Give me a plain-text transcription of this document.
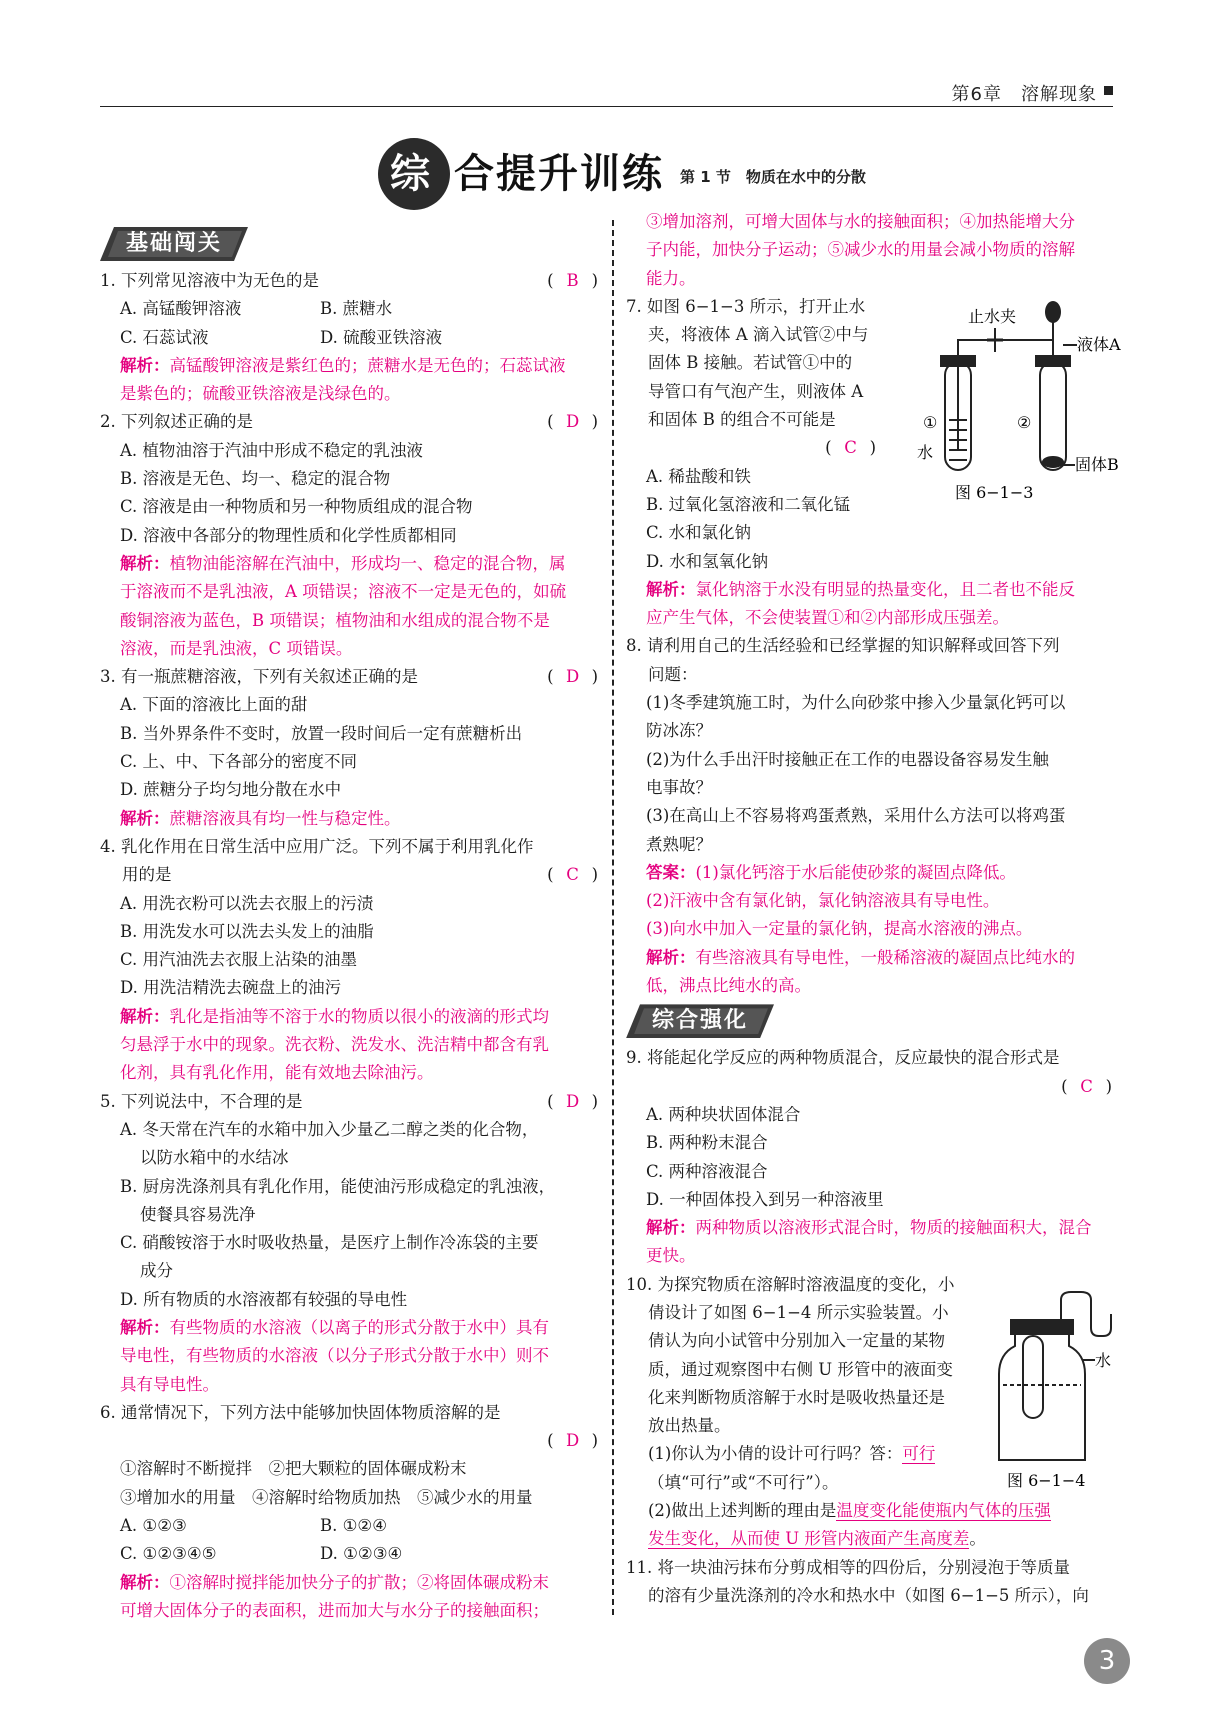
第6章　溶解现象
综 合提升训练 第 1 节　物质在水中的分散
基础闯关
1. 下列常见溶液中为无色的是	( B )
A. 高锰酸钾溶液	B. 蔗糖水
C. 石蕊试液	D. 硫酸亚铁溶液
解析：高锰酸钾溶液是紫红色的；蔗糖水是无色的；石蕊试液
是紫色的；硫酸亚铁溶液是浅绿色的。
2. 下列叙述正确的是	( D )
A. 植物油溶于汽油中形成不稳定的乳浊液
B. 溶液是无色、均一、稳定的混合物
C. 溶液是由一种物质和另一种物质组成的混合物
D. 溶液中各部分的物理性质和化学性质都相同
解析：植物油能溶解在汽油中，形成均一、稳定的混合物，属
于溶液而不是乳浊液，A 项错误；溶液不一定是无色的，如硫
酸铜溶液为蓝色，B 项错误；植物油和水组成的混合物不是
溶液，而是乳浊液，C 项错误。
3. 有一瓶蔗糖溶液，下列有关叙述正确的是	( D )
A. 下面的溶液比上面的甜
B. 当外界条件不变时，放置一段时间后一定有蔗糖析出
C. 上、中、下各部分的密度不同
D. 蔗糖分子均匀地分散在水中
解析：蔗糖溶液具有均一性与稳定性。
4. 乳化作用在日常生活中应用广泛。下列不属于利用乳化作
用的是	( C )
A. 用洗衣粉可以洗去衣服上的污渍
B. 用洗发水可以洗去头发上的油脂
C. 用汽油洗去衣服上沾染的油墨
D. 用洗洁精洗去碗盘上的油污
解析：乳化是指油等不溶于水的物质以很小的液滴的形式均
匀悬浮于水中的现象。洗衣粉、洗发水、洗洁精中都含有乳
化剂，具有乳化作用，能有效地去除油污。
5. 下列说法中，不合理的是	( D )
A. 冬天常在汽车的水箱中加入少量乙二醇之类的化合物，
以防水箱中的水结冰
B. 厨房洗涤剂具有乳化作用，能使油污形成稳定的乳浊液，
使餐具容易洗净
C. 硝酸铵溶于水时吸收热量，是医疗上制作冷冻袋的主要
成分
D. 所有物质的水溶液都有较强的导电性
解析：有些物质的水溶液（以离子的形式分散于水中）具有
导电性，有些物质的水溶液（以分子形式分散于水中）则不
具有导电性。
6. 通常情况下，下列方法中能够加快固体物质溶解的是
( D )
①溶解时不断搅拌　②把大颗粒的固体碾成粉末
③增加水的用量　④溶解时给物质加热　⑤减少水的用量
A. ①②③	B. ①②④
C. ①②③④⑤	D. ①②③④
解析：①溶解时搅拌能加快分子的扩散；②将固体碾成粉末
可增大固体分子的表面积，进而加大与水分子的接触面积；
③增加溶剂，可增大固体与水的接触面积；④加热能增大分
子内能，加快分子运动；⑤减少水的用量会减小物质的溶解
能力。
7. 如图 6−1−3 所示，打开止水
夹，将液体 A 滴入试管②中与
固体 B 接触。若试管①中的
导管口有气泡产生，则液体 A
和固体 B 的组合不可能是
( C )
A. 稀盐酸和铁
B. 过氧化氢溶液和二氧化锰
C. 水和氯化钠
D. 水和氢氧化钠
解析：氯化钠溶于水没有明显的热量变化，且二者也不能反
应产生气体，不会使装置①和②内部形成压强差。
8. 请利用自己的生活经验和已经掌握的知识解释或回答下列
问题：
(1)冬季建筑施工时，为什么向砂浆中掺入少量氯化钙可以
防冰冻？
(2)为什么手出汗时接触正在工作的电器设备容易发生触
电事故？
(3)在高山上不容易将鸡蛋煮熟，采用什么方法可以将鸡蛋
煮熟呢？
答案：(1)氯化钙溶于水后能使砂浆的凝固点降低。
(2)汗液中含有氯化钠，氯化钠溶液具有导电性。
(3)向水中加入一定量的氯化钠，提高水溶液的沸点。
解析：有些溶液具有导电性，一般稀溶液的凝固点比纯水的
低，沸点比纯水的高。
综合强化
9. 将能起化学反应的两种物质混合，反应最快的混合形式是
( C )
A. 两种块状固体混合
B. 两种粉末混合
C. 两种溶液混合
D. 一种固体投入到另一种溶液里
解析：两种物质以溶液形式混合时，物质的接触面积大，混合
更快。
10. 为探究物质在溶解时溶液温度的变化，小
倩设计了如图 6−1−4 所示实验装置。小
倩认为向小试管中分别加入一定量的某物
质，通过观察图中右侧 U 形管中的液面变
化来判断物质溶解于水时是吸收热量还是
放出热量。
(1)你认为小倩的设计可行吗？答：可行
（填“可行”或“不可行”）。
(2)做出上述判断的理由是温度变化能使瓶内气体的压强
发生变化，从而使 U 形管内液面产生高度差。
11. 将一块油污抹布分剪成相等的四份后，分别浸泡于等质量
的溶有少量洗涤剂的冷水和热水中（如图 6−1−5 所示），向
止水夹
液体A
①	②
水
固体B
图 6−1−3
水
图 6−1−4
3
